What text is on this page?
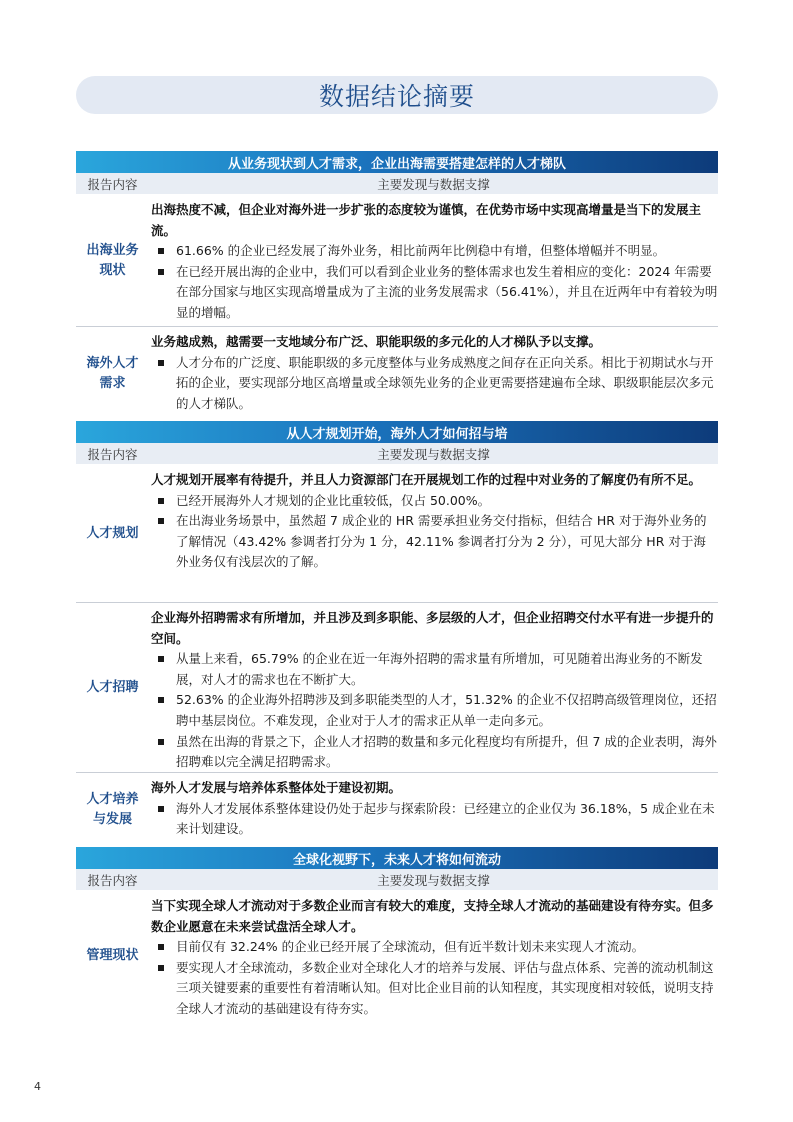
数据结论摘要
从业务现状到人才需求，企业出海需要搭建怎样的人才梯队
报告内容	主要发现与数据支撑
出海业务现状
出海热度不减，但企业对海外进一步扩张的态度较为谨慎，在优势市场中实现高增量是当下的发展主流。
61.66% 的企业已经发展了海外业务，相比前两年比例稳中有增，但整体增幅并不明显。
在已经开展出海的企业中，我们可以看到企业业务的整体需求也发生着相应的变化：2024 年需要在部分国家与地区实现高增量成为了主流的业务发展需求（56.41%），并且在近两年中有着较为明显的增幅。
海外人才需求
业务越成熟，越需要一支地域分布广泛、职能职级的多元化的人才梯队予以支撑。
人才分布的广泛度、职能职级的多元度整体与业务成熟度之间存在正向关系。相比于初期试水与开拓的企业，要实现部分地区高增量或全球领先业务的企业更需要搭建遍布全球、职级职能层次多元的人才梯队。
从人才规划开始，海外人才如何招与培
报告内容	主要发现与数据支撑
人才规划
人才规划开展率有待提升，并且人力资源部门在开展规划工作的过程中对业务的了解度仍有所不足。
已经开展海外人才规划的企业比重较低，仅占 50.00%。
在出海业务场景中，虽然超 7 成企业的 HR 需要承担业务交付指标，但结合 HR 对于海外业务的了解情况（43.42% 参调者打分为 1 分，42.11% 参调者打分为 2 分），可见大部分 HR 对于海外业务仅有浅层次的了解。
人才招聘
企业海外招聘需求有所增加，并且涉及到多职能、多层级的人才，但企业招聘交付水平有进一步提升的空间。
从量上来看，65.79% 的企业在近一年海外招聘的需求量有所增加，可见随着出海业务的不断发展，对人才的需求也在不断扩大。
52.63% 的企业海外招聘涉及到多职能类型的人才，51.32% 的企业不仅招聘高级管理岗位，还招聘中基层岗位。不难发现，企业对于人才的需求正从单一走向多元。
虽然在出海的背景之下，企业人才招聘的数量和多元化程度均有所提升，但 7 成的企业表明，海外招聘难以完全满足招聘需求。
人才培养与发展
海外人才发展与培养体系整体处于建设初期。
海外人才发展体系整体建设仍处于起步与探索阶段：已经建立的企业仅为 36.18%，5 成企业在未来计划建设。
全球化视野下，未来人才将如何流动
报告内容	主要发现与数据支撑
管理现状
当下实现全球人才流动对于多数企业而言有较大的难度，支持全球人才流动的基础建设有待夯实。但多数企业愿意在未来尝试盘活全球人才。
目前仅有 32.24% 的企业已经开展了全球流动，但有近半数计划未来实现人才流动。
要实现人才全球流动，多数企业对全球化人才的培养与发展、评估与盘点体系、完善的流动机制这三项关键要素的重要性有着清晰认知。但对比企业目前的认知程度，其实现度相对较低，说明支持全球人才流动的基础建设有待夯实。
4
